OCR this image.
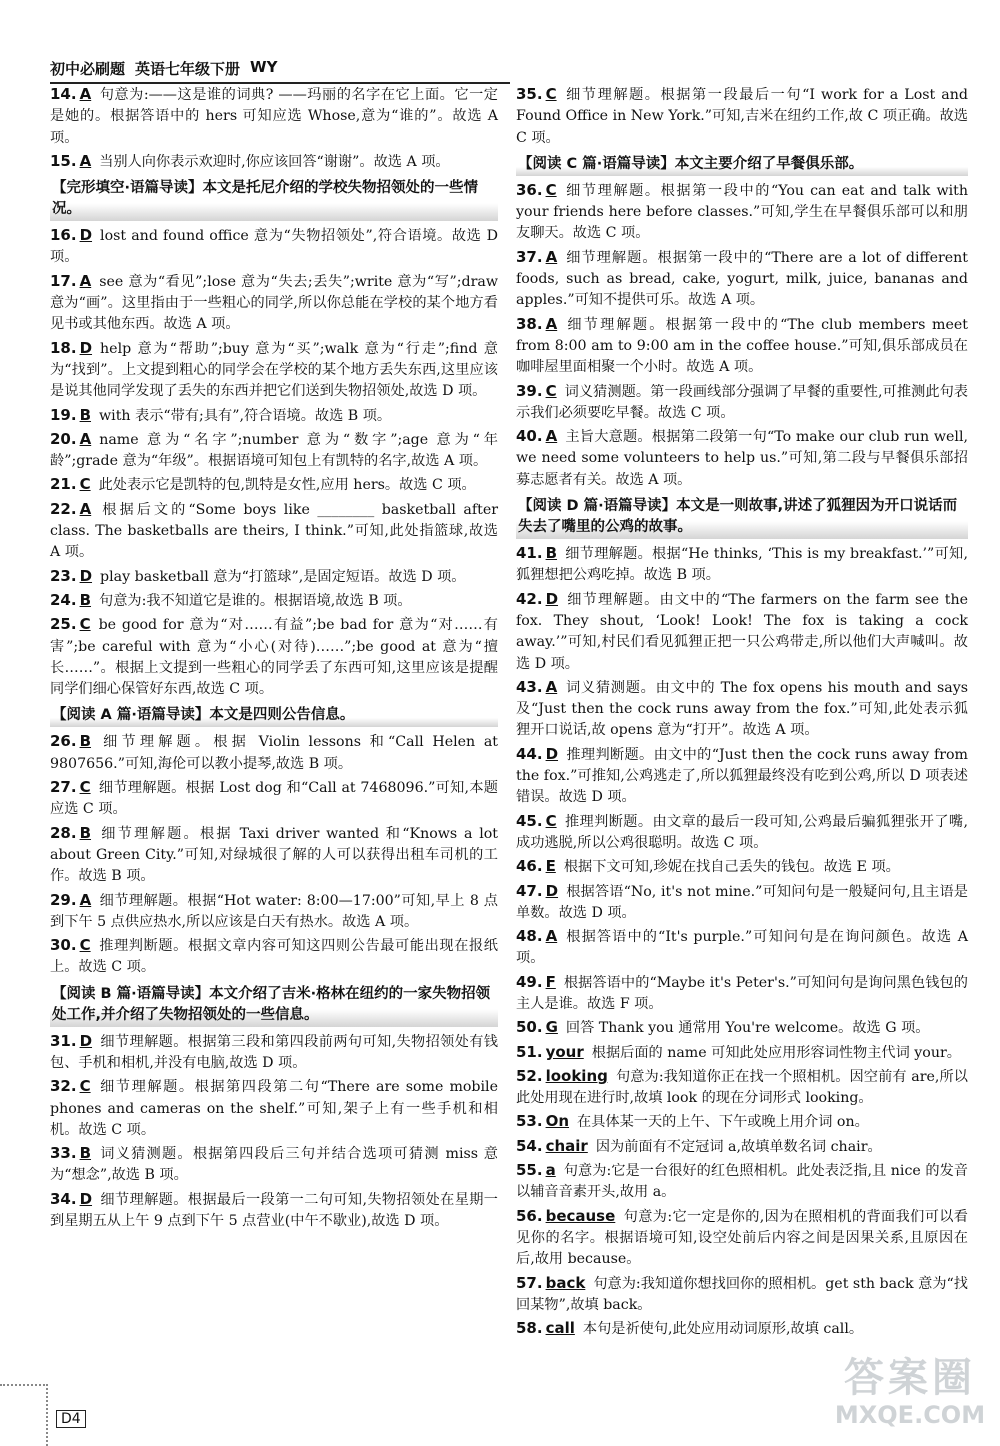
初中必刷题 英语七年级下册 WY
14. A 句意为:——这是谁的词典? ——玛丽的名字在它上面。它一定是她的。根据答语中的 hers 可知应选 Whose,意为“谁的”。故选 A 项。
15. A 当别人向你表示欢迎时,你应该回答“谢谢”。故选 A 项。
【完形填空·语篇导读】本文是托尼介绍的学校失物招领处的一些情况。
16. D lost and found office 意为“失物招领处”,符合语境。故选 D 项。
17. A see 意为“看见”;lose 意为“失去;丢失”;write 意为“写”;draw 意为“画”。这里指由于一些粗心的同学,所以你总能在学校的某个地方看见书或其他东西。故选 A 项。
18. D help 意为“帮助”;buy 意为“买”;walk 意为“行走”;find 意为“找到”。上文提到粗心的同学会在学校的某个地方丢失东西,这里应该是说其他同学发现了丢失的东西并把它们送到失物招领处,故选 D 项。
19. B with 表示“带有;具有”,符合语境。故选 B 项。
20. A name 意为“名字”;number 意为“数字”;age 意为“年龄”;grade 意为“年级”。根据语境可知包上有凯特的名字,故选 A 项。
21. C 此处表示它是凯特的包,凯特是女性,应用 hers。故选 C 项。
22. A 根据后文的“Some boys like ________ basketball after class. The basketballs are theirs, I think.”可知,此处指篮球,故选 A 项。
23. D play basketball 意为“打篮球”,是固定短语。故选 D 项。
24. B 句意为:我不知道它是谁的。根据语境,故选 B 项。
25. C be good for 意为“对……有益”;be bad for 意为“对……有害”;be careful with 意为“小心(对待)……”;be good at 意为“擅长……”。根据上文提到一些粗心的同学丢了东西可知,这里应该是提醒同学们细心保管好东西,故选 C 项。
【阅读 A 篇·语篇导读】本文是四则公告信息。
26. B 细节理解题。根据 Violin lessons 和“Call Helen at 9807656.”可知,海伦可以教小提琴,故选 B 项。
27. C 细节理解题。根据 Lost dog 和“Call at 7468096.”可知,本题应选 C 项。
28. B 细节理解题。根据 Taxi driver wanted 和“Knows a lot about Green City.”可知,对绿城很了解的人可以获得出租车司机的工作。故选 B 项。
29. A 细节理解题。根据“Hot water: 8:00—17:00”可知,早上 8 点到下午 5 点供应热水,所以应该是白天有热水。故选 A 项。
30. C 推理判断题。根据文章内容可知这四则公告最可能出现在报纸上。故选 C 项。
【阅读 B 篇·语篇导读】本文介绍了吉米·格林在纽约的一家失物招领处工作,并介绍了失物招领处的一些信息。
31. D 细节理解题。根据第三段和第四段前两句可知,失物招领处有钱包、手机和相机,并没有电脑,故选 D 项。
32. C 细节理解题。根据第四段第二句“There are some mobile phones and cameras on the shelf.”可知,架子上有一些手机和相机。故选 C 项。
33. B 词义猜测题。根据第四段后三句并结合选项可猜测 miss 意为“想念”,故选 B 项。
34. D 细节理解题。根据最后一段第一二句可知,失物招领处在星期一到星期五从上午 9 点到下午 5 点营业(中午不歇业),故选 D 项。
35. C 细节理解题。根据第一段最后一句“I work for a Lost and Found Office in New York.”可知,吉米在纽约工作,故 C 项正确。故选 C 项。
【阅读 C 篇·语篇导读】本文主要介绍了早餐俱乐部。
36. C 细节理解题。根据第一段中的“You can eat and talk with your friends here before classes.”可知,学生在早餐俱乐部可以和朋友聊天。故选 C 项。
37. A 细节理解题。根据第一段中的“There are a lot of different foods, such as bread, cake, yogurt, milk, juice, bananas and apples.”可知不提供可乐。故选 A 项。
38. A 细节理解题。根据第一段中的“The club members meet from 8:00 am to 9:00 am in the coffee house.”可知,俱乐部成员在咖啡屋里面相聚一个小时。故选 A 项。
39. C 词义猜测题。第一段画线部分强调了早餐的重要性,可推测此句表示我们必须要吃早餐。故选 C 项。
40. A 主旨大意题。根据第二段第一句“To make our club run well, we need some volunteers to help us.”可知,第二段与早餐俱乐部招募志愿者有关。故选 A 项。
【阅读 D 篇·语篇导读】本文是一则故事,讲述了狐狸因为开口说话而失去了嘴里的公鸡的故事。
41. B 细节理解题。根据“He thinks, ‘This is my breakfast.’”可知,狐狸想把公鸡吃掉。故选 B 项。
42. D 细节理解题。由文中的“The farmers on the farm see the fox. They shout, ‘Look! Look! The fox is taking a cock away.’”可知,村民们看见狐狸正把一只公鸡带走,所以他们大声喊叫。故选 D 项。
43. A 词义猜测题。由文中的 The fox opens his mouth and says 及“Just then the cock runs away from the fox.”可知,此处表示狐狸开口说话,故 opens 意为“打开”。故选 A 项。
44. D 推理判断题。由文中的“Just then the cock runs away from the fox.”可推知,公鸡逃走了,所以狐狸最终没有吃到公鸡,所以 D 项表述错误。故选 D 项。
45. C 推理判断题。由文章的最后一段可知,公鸡最后骗狐狸张开了嘴,成功逃脱,所以公鸡很聪明。故选 C 项。
46. E 根据下文可知,珍妮在找自己丢失的钱包。故选 E 项。
47. D 根据答语“No, it's not mine.”可知问句是一般疑问句,且主语是单数。故选 D 项。
48. A 根据答语中的“It's purple.”可知问句是在询问颜色。故选 A 项。
49. F 根据答语中的“Maybe it's Peter's.”可知问句是询问黑色钱包的主人是谁。故选 F 项。
50. G 回答 Thank you 通常用 You're welcome。故选 G 项。
51. your 根据后面的 name 可知此处应用形容词性物主代词 your。
52. looking 句意为:我知道你正在找一个照相机。因空前有 are,所以此处用现在进行时,故填 look 的现在分词形式 looking。
53. On 在具体某一天的上午、下午或晚上用介词 on。
54. chair 因为前面有不定冠词 a,故填单数名词 chair。
55. a 句意为:它是一台很好的红色照相机。此处表泛指,且 nice 的发音以辅音音素开头,故用 a。
56. because 句意为:它一定是你的,因为在照相机的背面我们可以看见你的名字。根据语境可知,设空处前后内容之间是因果关系,且原因在后,故用 because。
57. back 句意为:我知道你想找回你的照相机。get sth back 意为“找回某物”,故填 back。
58. call 本句是祈使句,此处应用动词原形,故填 call。
D4
答案圈
MXQE.COM
